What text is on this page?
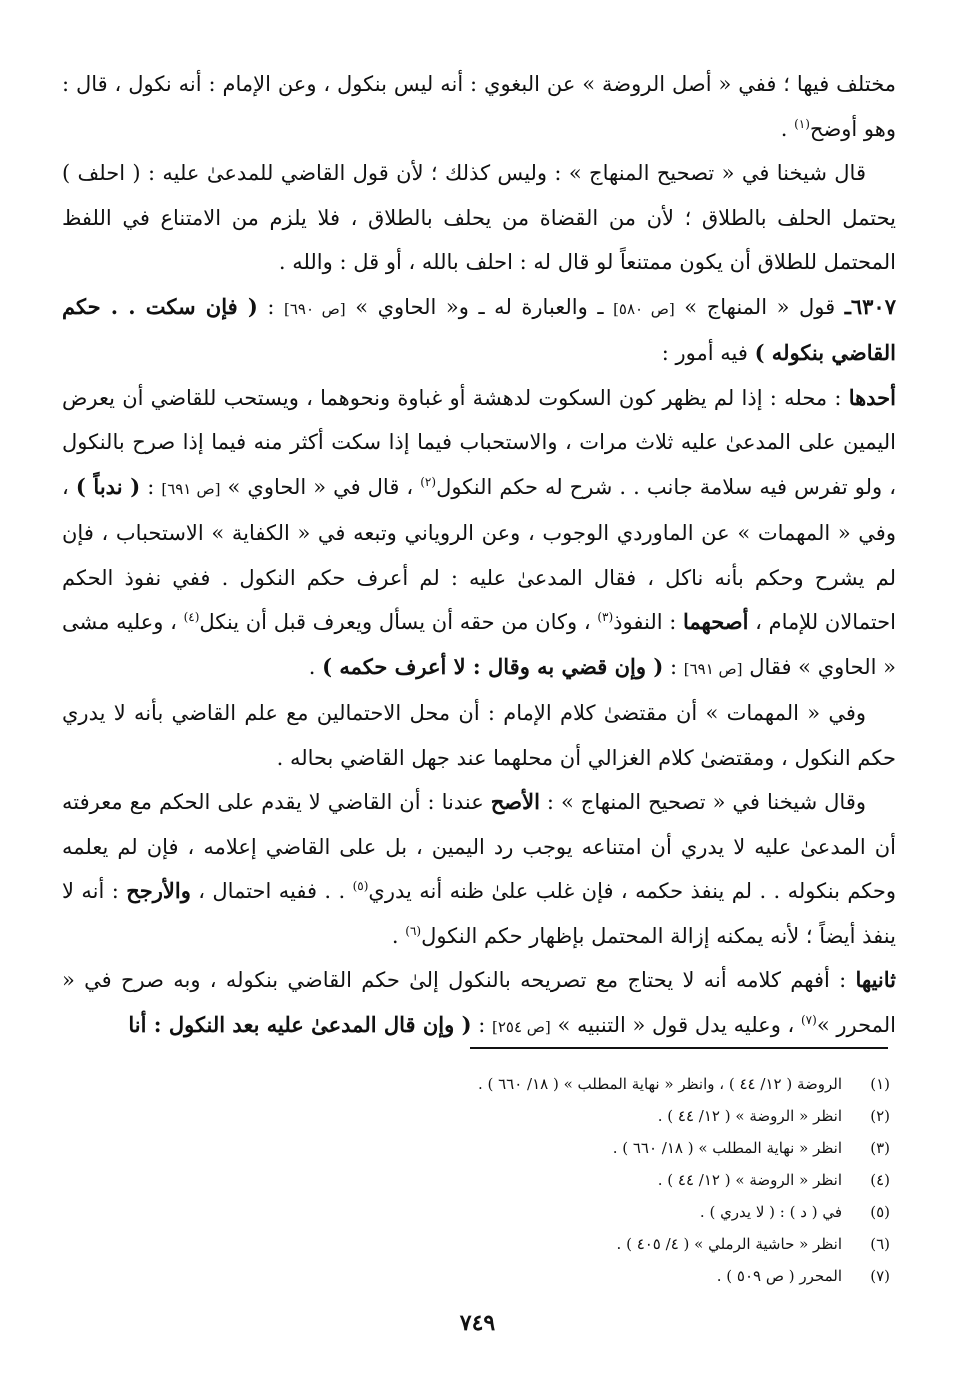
مختلف فيها ؛ ففي « أصل الروضة » عن البغوي : أنه ليس بنكول ، وعن الإمام : أنه نكول ، قال : وهو أوضح$^{(١)}$ .

قال شيخنا في « تصحيح المنهاج » : وليس كذلك ؛ لأن قول القاضي للمدعىٰ عليه : ( احلف ) يحتمل الحلف بالطلاق ؛ لأن من القضاة من يحلف بالطلاق ، فلا يلزم من الامتناع في اللفظ المحتمل للطلاق أن يكون ممتنعاً لو قال له : احلف بالله ، أو قل : والله .

٦٣٠٧ـ قول « المنهاج » [ص ٥٨٠] ـ والعبارة له ـ و« الحاوي » [ص ٦٩٠] : ( فإن سكت . . حكم القاضي بنكوله ) فيه أمور :

أحدها : محله : إذا لم يظهر كون السكوت لدهشة أو غباوة ونحوهما ، ويستحب للقاضي أن يعرض اليمين على المدعىٰ عليه ثلاث مرات ، والاستحباب فيما إذا سكت أكثر منه فيما إذا صرح بالنكول ، ولو تفرس فيه سلامة جانب . . شرح له حكم النكول$^{(٢)}$ ، قال في « الحاوي » [ص ٦٩١] : ( ندباً ) ، وفي « المهمات » عن الماوردي الوجوب ، وعن الروياني وتبعه في « الكفاية » الاستحباب ، فإن لم يشرح وحكم بأنه ناكل ، فقال المدعىٰ عليه : لم أعرف حكم النكول . ففي نفوذ الحكم احتمالان للإمام ، أصحهما : النفوذ$^{(٣)}$ ، وكان من حقه أن يسأل ويعرف قبل أن ينكل$^{(٤)}$ ، وعليه مشى « الحاوي » فقال [ص ٦٩١] : ( وإن قضي به وقال : لا أعرف حكمه ) .

وفي « المهمات » أن مقتضىٰ كلام الإمام : أن محل الاحتمالين مع علم القاضي بأنه لا يدري حكم النكول ، ومقتضىٰ كلام الغزالي أن محلهما عند جهل القاضي بحاله .

وقال شيخنا في « تصحيح المنهاج » : الأصح عندنا : أن القاضي لا يقدم على الحكم مع معرفته أن المدعىٰ عليه لا يدري أن امتناعه يوجب رد اليمين ، بل على القاضي إعلامه ، فإن لم يعلمه وحكم بنكوله . . لم ينفذ حكمه ، فإن غلب علىٰ ظنه أنه يدري$^{(٥)}$ . . ففيه احتمال ، والأرجح : أنه لا ينفذ أيضاً ؛ لأنه يمكنه إزالة المحتمل بإظهار حكم النكول$^{(٦)}$ .

ثانيها : أفهم كلامه أنه لا يحتاج مع تصريحه بالنكول إلىٰ حكم القاضي بنكوله ، وبه صرح في « المحرر »$^{(٧)}$ ، وعليه يدل قول « التنبيه » [ص ٢٥٤] : ( وإن قال المدعىٰ عليه بعد النكول : أنا

(١)
الروضة ( ١٢/ ٤٤ ) ، وانظر « نهاية المطلب » ( ١٨/ ٦٦٠ ) .
(٢)
انظر « الروضة » ( ١٢/ ٤٤ ) .
(٣)
انظر « نهاية المطلب » ( ١٨/ ٦٦٠ ) .
(٤)
انظر « الروضة » ( ١٢/ ٤٤ ) .
(٥)
في ( د ) : ( لا يدري ) .
(٦)
انظر « حاشية الرملي » ( ٤/ ٤٠٥ ) .
(٧)
المحرر ( ص ٥٠٩ ) .
٧٤٩
